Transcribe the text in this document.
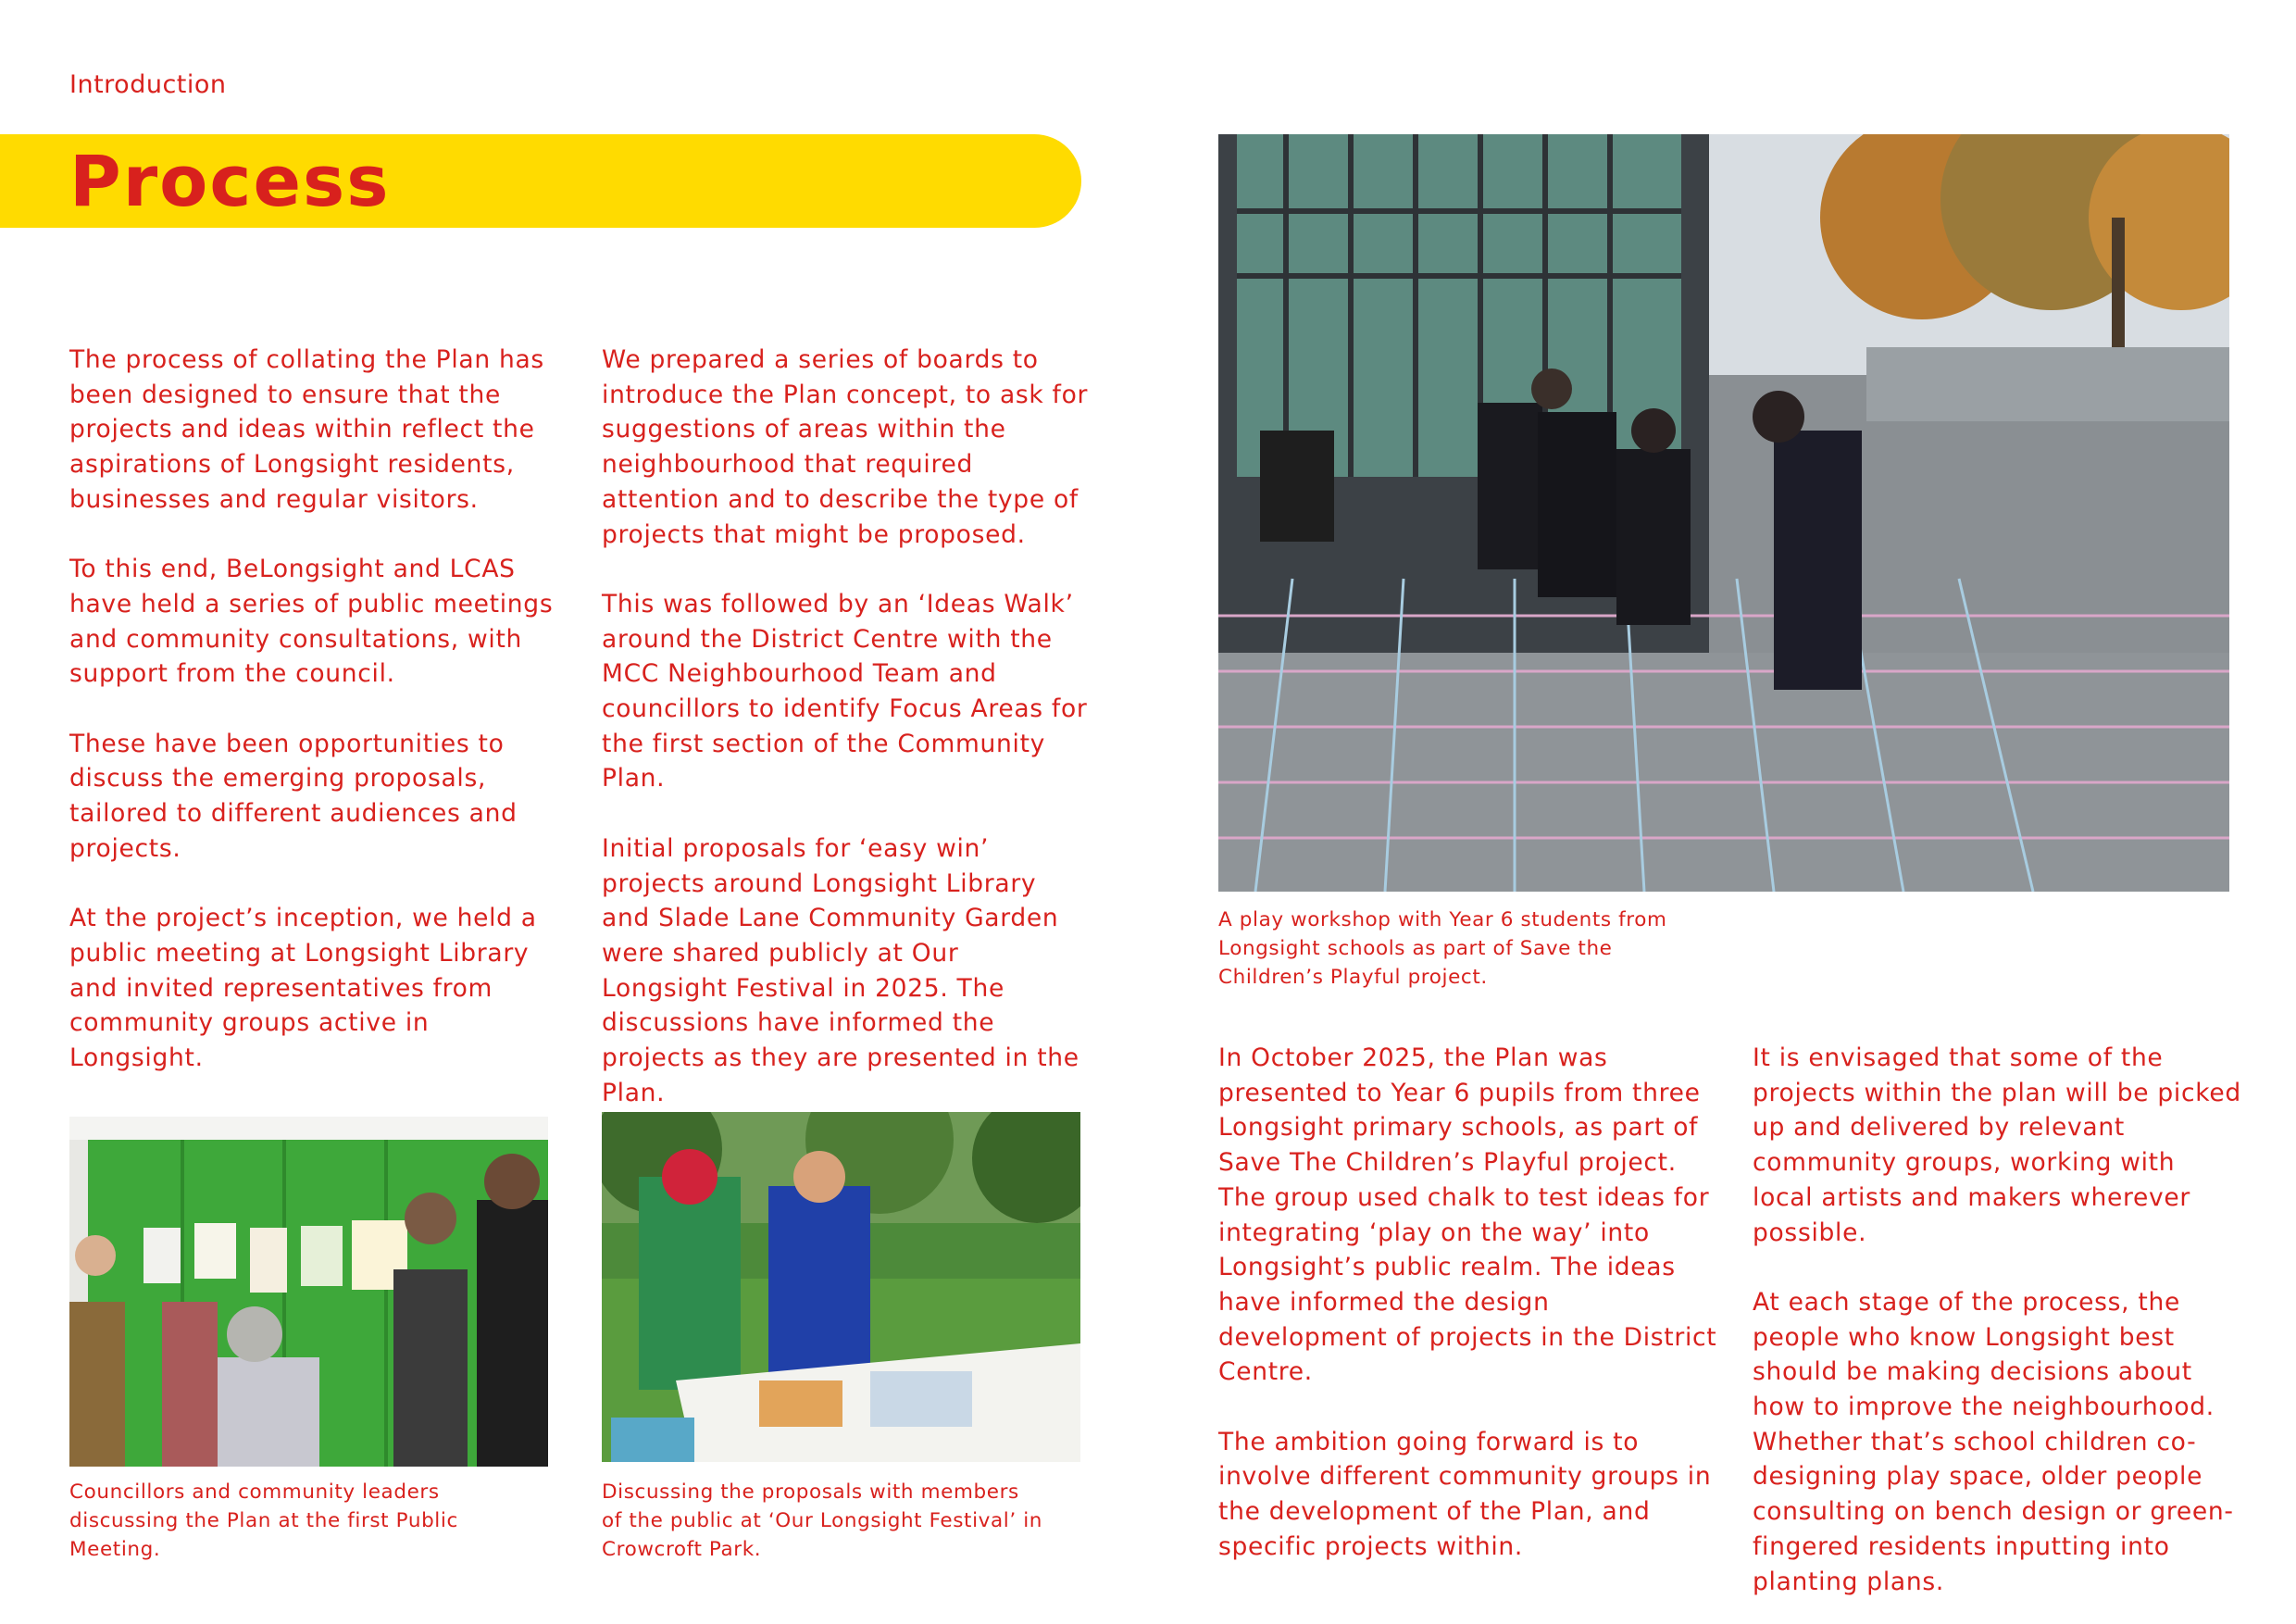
Introduction
Process

The process of collating the Plan has been designed to ensure that the projects and ideas within reflect the aspirations of Longsight residents, businesses and regular visitors.

To this end, BeLongsight and LCAS have held a series of public meetings and community consultations, with support from the council.

These have been opportunities to discuss the emerging proposals, tailored to different audiences and projects.

At the project’s inception, we held a public meeting at Longsight Library and invited representatives from community groups active in Longsight.

We prepared a series of boards to introduce the Plan concept, to ask for suggestions of areas within the neighbourhood that required attention and to describe the type of projects that might be proposed.

This was followed by an ‘Ideas Walk’ around the District Centre with the MCC Neighbourhood Team and councillors to identify Focus Areas for the first section of the Community Plan.

Initial proposals for ‘easy win’ projects around Longsight Library and Slade Lane Community Garden were shared publicly at Our Longsight Festival in 2025. The discussions have informed the projects as they are presented in the Plan.

Councillors and community leaders discussing the Plan at the first Public Meeting.
Discussing the proposals with members of the public at ‘Our Longsight Festival’ in Crowcroft Park.
A play workshop with Year 6 students from Longsight schools as part of Save the Children’s Playful project.

In October 2025, the Plan was presented to Year 6 pupils from three Longsight primary schools, as part of Save The Children’s Playful project. The group used chalk to test ideas for integrating ‘play on the way’ into Longsight’s public realm. The ideas have informed the design development of projects in the District Centre.

The ambition going forward is to involve different community groups in the development of the Plan, and specific projects within.

It is envisaged that some of the projects within the plan will be picked up and delivered by relevant community groups, working with local artists and makers wherever possible.

At each stage of the process, the people who know Longsight best should be making decisions about how to improve the neighbourhood. Whether that’s school children co-designing play space, older people consulting on bench design or green-fingered residents inputting into planting plans.
